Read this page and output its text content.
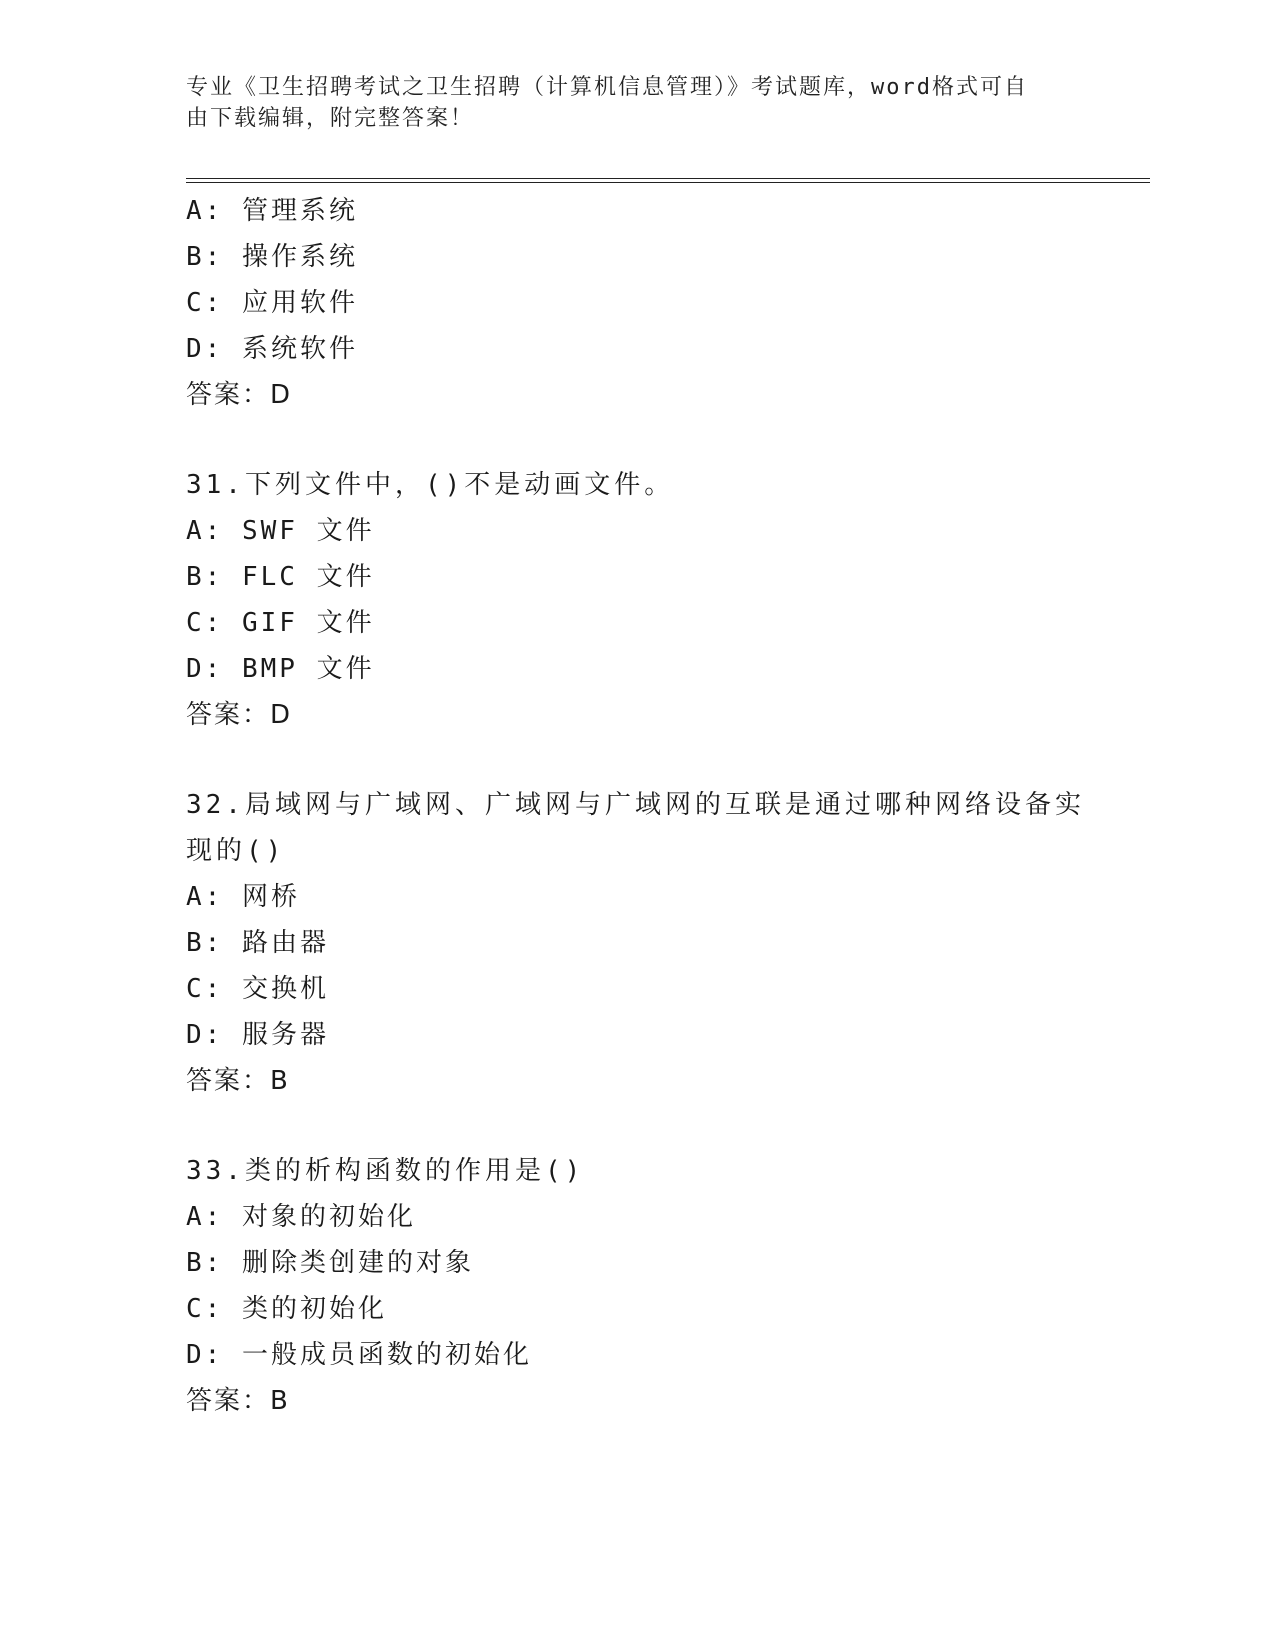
专业《卫生招聘考试之卫生招聘（计算机信息管理）》考试题库，word格式可自
由下载编辑，附完整答案！
A: 管理系统
B: 操作系统
C: 应用软件
D: 系统软件
答案：D
31.下列文件中，()不是动画文件。
A: SWF 文件
B: FLC 文件
C: GIF 文件
D: BMP 文件
答案：D
32.局域网与广域网、广域网与广域网的互联是通过哪种网络设备实现的()
A: 网桥
B: 路由器
C: 交换机
D: 服务器
答案：B
33.类的析构函数的作用是()
A: 对象的初始化
B: 删除类创建的对象
C: 类的初始化
D: 一般成员函数的初始化
答案：B
